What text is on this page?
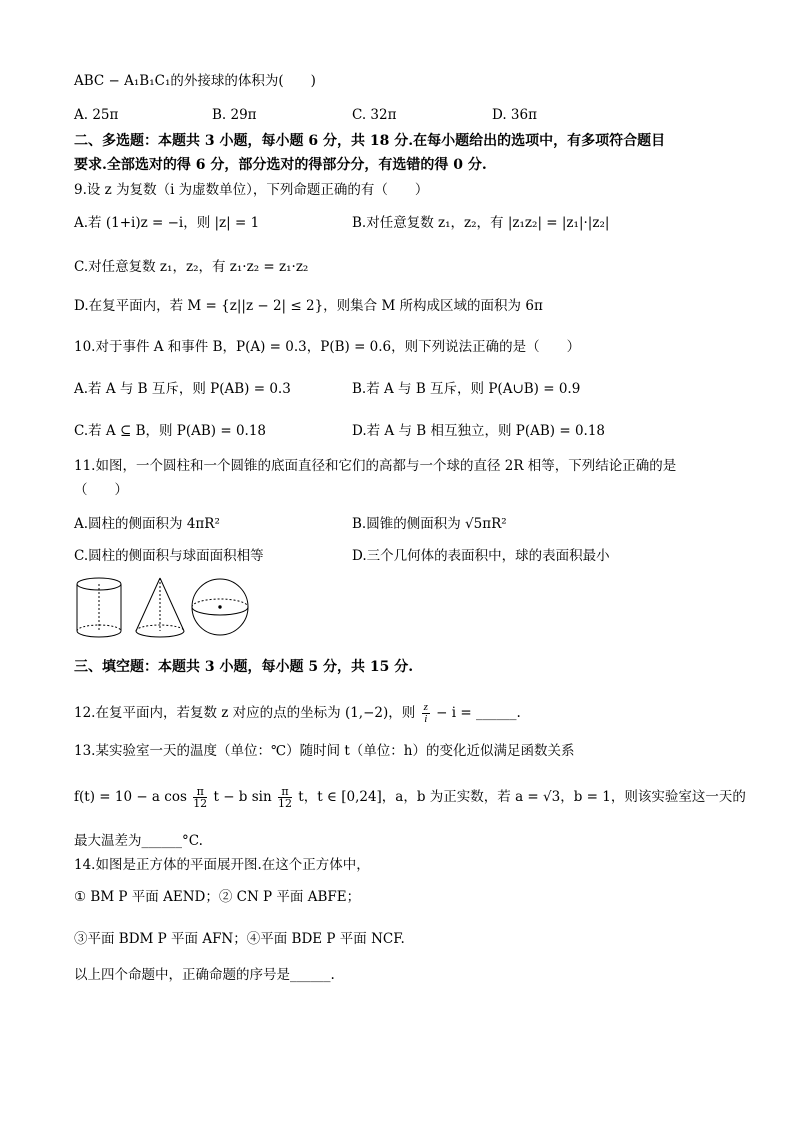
ABC − A₁B₁C₁的外接球的体积为(　　)
A. 25π	B. 29π	C. 32π	D. 36π
二、多选题：本题共 3 小题，每小题 6 分，共 18 分.在每小题给出的选项中，有多项符合题目
要求.全部选对的得 6 分，部分选对的得部分分，有选错的得 0 分.
9.设 z 为复数（i 为虚数单位），下列命题正确的有（　　）
A.若 (1+i)z = −i，则 |z| = 1	B.对任意复数 z₁，z₂，有 |z₁z₂| = |z₁|·|z₂|
C.对任意复数 z₁，z₂，有 z₁·z₂ = z₁·z₂
D.在复平面内，若 M = {z||z − 2| ≤ 2}，则集合 M 所构成区域的面积为 6π
10.对于事件 A 和事件 B，P(A) = 0.3，P(B) = 0.6，则下列说法正确的是（　　）
A.若 A 与 B 互斥，则 P(AB) = 0.3	B.若 A 与 B 互斥，则 P(A∪B) = 0.9
C.若 A ⊆ B，则 P(AB) = 0.18	D.若 A 与 B 相互独立，则 P(AB) = 0.18
11.如图，一个圆柱和一个圆锥的底面直径和它们的高都与一个球的直径 2R 相等，下列结论正确的是
（　　）
A.圆柱的侧面积为 4πR²	B.圆锥的侧面积为 √5πR²
C.圆柱的侧面积与球面面积相等	D.三个几何体的表面积中，球的表面积最小
三、填空题：本题共 3 小题，每小题 5 分，共 15 分.
12.在复平面内，若复数 z 对应的点的坐标为 (1,−2)，则 $\frac{z}{i} - i$ = ______.
13.某实验室一天的温度（单位：℃）随时间 t（单位：h）的变化近似满足函数关系
f(t) = 10 − a $\cos \frac{\pi}{12}$ t − b $\sin \frac{\pi}{12}$ t，t ∈ [0,24]，a，b 为正实数，若 a = √3，b = 1，则该实验室这一天的
最大温差为______°C.
14.如图是正方体的平面展开图.在这个正方体中，
① BM P 平面 AEND；② CN P 平面 ABFE；
③平面 BDM P 平面 AFN；④平面 BDE P 平面 NCF.
以上四个命题中，正确命题的序号是______.
